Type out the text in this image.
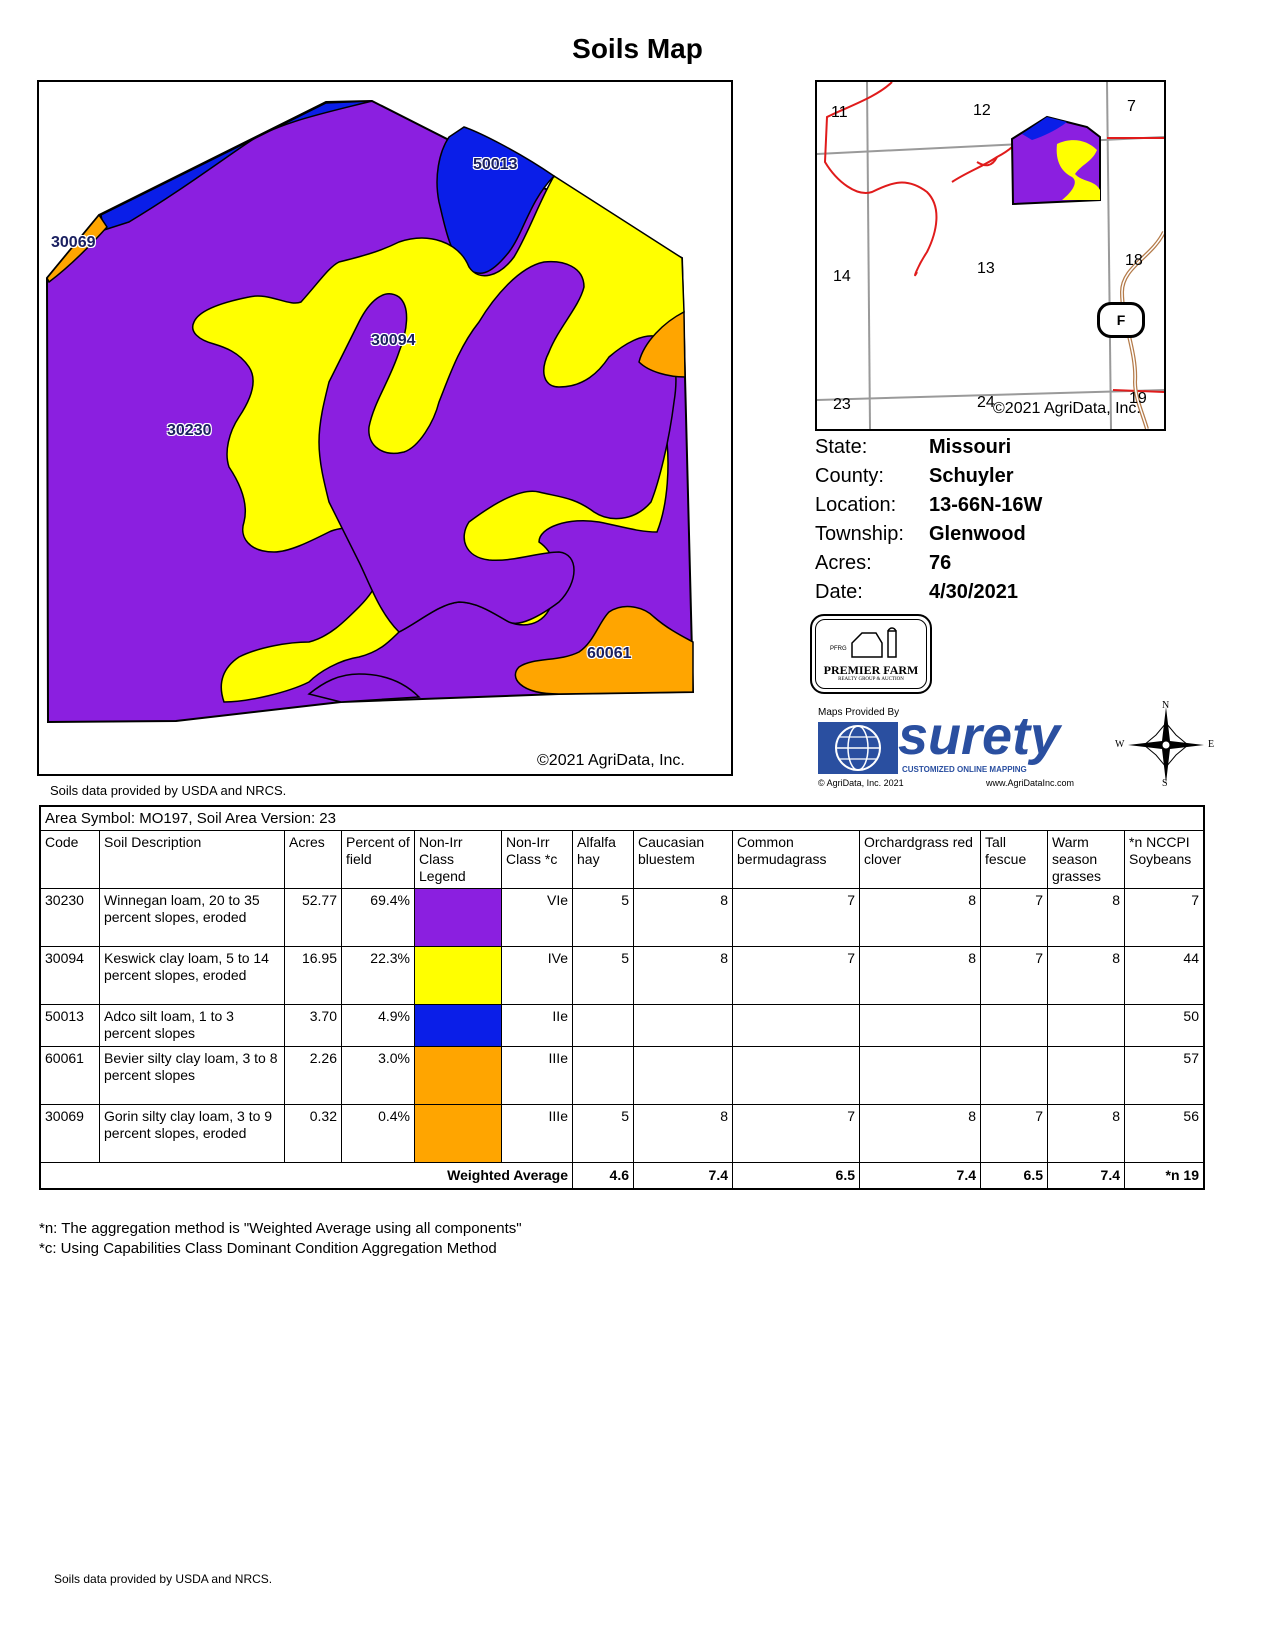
Soils Map
50013
30069
30094
30230
60061
©2021 AgriData, Inc.
11	12	7
14	13	18
23	24	19
F
©2021 AgriData, Inc.
State:	Missouri
County: Schuyler
Location: 13-66N-16W
Township: Glenwood
Acres:	76
Date:	4/30/2021
PFRG
PREMIER FARM
REALTY GROUP & AUCTION
Maps Provided By
surety
CUSTOMIZED ONLINE MAPPING
© AgriData, Inc. 2021	www.AgriDataInc.com
N
S
E
W
Soils data provided by USDA and NRCS.
Area Symbol: MO197, Soil Area Version: 23												
Code	Soil Description	Acres	Percent of field	Non-Irr Class Legend	Non-Irr Class *c	Alfalfa hay	Caucasian bluestem	Common bermudagrass	Orchardgrass red clover	Tall fescue	Warm season grasses	*n NCCPI Soybeans
30230	Winnegan loam, 20 to 35 percent slopes, eroded	52.77	69.4%		VIe	5	8	7	8	7	8	7
30094	Keswick clay loam, 5 to 14 percent slopes, eroded	16.95	22.3%		IVe	5	8	7	8	7	8	44
50013	Adco silt loam, 1 to 3 percent slopes	3.70	4.9%		IIe							50
60061	Bevier silty clay loam, 3 to 8 percent slopes	2.26	3.0%		IIIe							57
30069	Gorin silty clay loam, 3 to 9 percent slopes, eroded	0.32	0.4%		IIIe	5	8	7	8	7	8	56
Weighted Average						4.6	7.4	6.5	7.4	6.5	7.4	*n 19
*n: The aggregation method is "Weighted Average using all components"
*c: Using Capabilities Class Dominant Condition Aggregation Method
Soils data provided by USDA and NRCS.
